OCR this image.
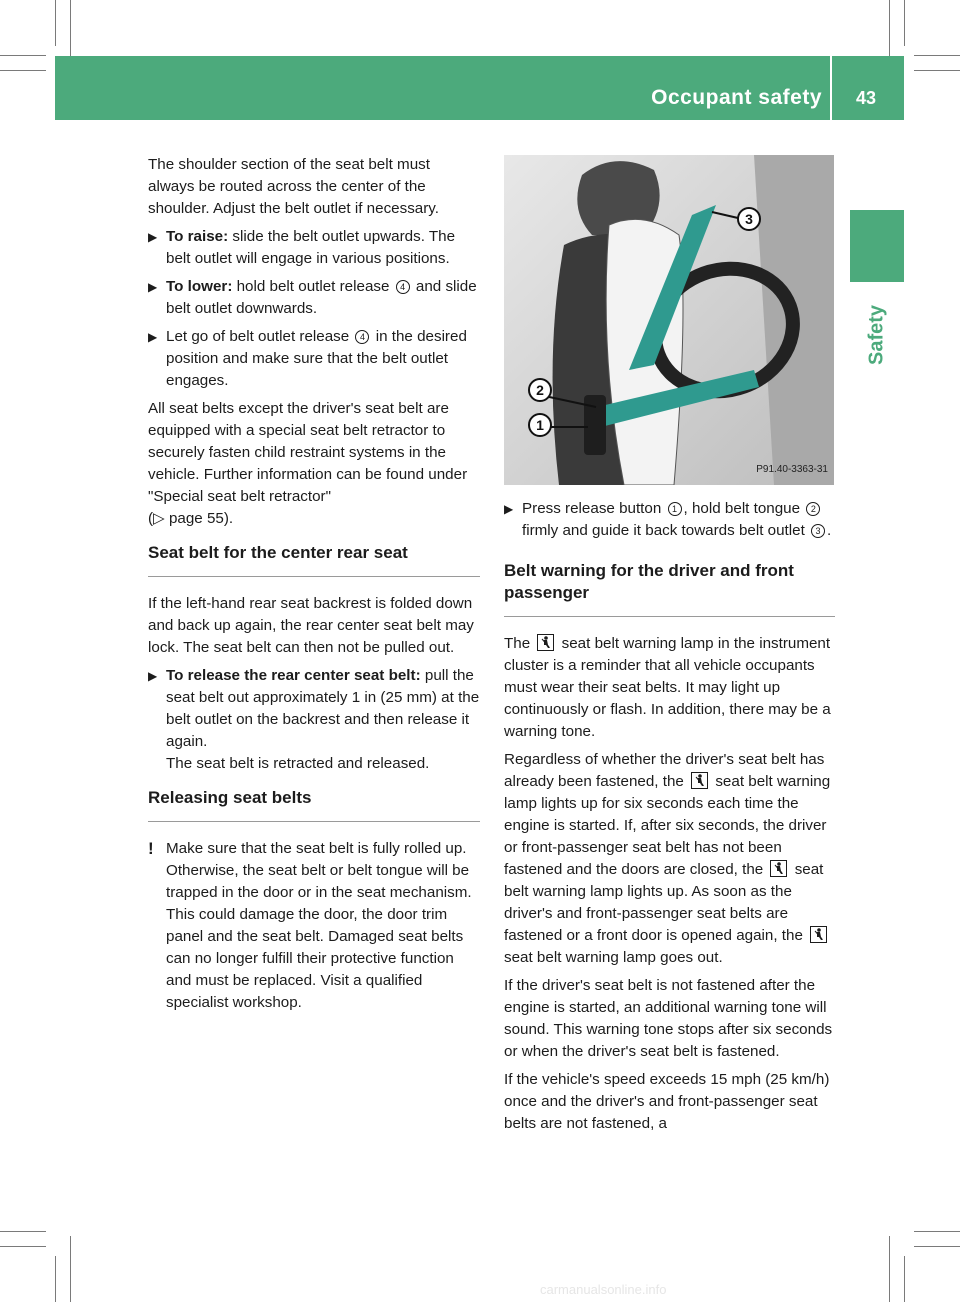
Occupant safety 43
Safety

The shoulder section of the seat belt must always be routed across the center of the shoulder. Adjust the belt outlet if necessary.

▶ To raise: slide the belt outlet upwards. The belt outlet will engage in various positions.
▶ To lower: hold belt outlet release 4 and slide belt outlet downwards.
▶ Let go of belt outlet release 4 in the desired position and make sure that the belt outlet engages.

All seat belts except the driver's seat belt are equipped with a special seat belt retractor to securely fasten child restraint systems in the vehicle. Further information can be found under "Special seat belt retractor"
(▷ page 55).

Seat belt for the center rear seat

If the left-hand rear seat backrest is folded down and back up again, the rear center seat belt may lock. The seat belt can then not be pulled out.

▶ To release the rear center seat belt: pull the seat belt out approximately 1 in (25 mm) at the belt outlet on the backrest and then release it again.
The seat belt is retracted and released.
Releasing seat belts
! Make sure that the seat belt is fully rolled up. Otherwise, the seat belt or belt tongue will be trapped in the door or in the seat mechanism. This could damage the door, the door trim panel and the seat belt. Damaged seat belts can no longer fulfill their protective function and must be replaced. Visit a qualified specialist workshop.
2
1
3
P91.40-3363-31
▶ Press release button 1 , hold belt tongue 2 firmly and guide it back towards belt outlet 3 .
Belt warning for the driver and front passenger

The seat belt warning lamp in the instrument cluster is a reminder that all vehicle occupants must wear their seat belts. It may light up continuously or flash. In addition, there may be a warning tone.

Regardless of whether the driver's seat belt has already been fastened, the seat belt warning lamp lights up for six seconds each time the engine is started. If, after six seconds, the driver or front-passenger seat belt has not been fastened and the doors are closed, the seat belt warning lamp lights up. As soon as the driver's and front-passenger seat belts are fastened or a front door is opened again, the  seat belt warning lamp goes out.

If the driver's seat belt is not fastened after the engine is started, an additional warning tone will sound. This warning tone stops after six seconds or when the driver's seat belt is fastened.

If the vehicle's speed exceeds 15 mph (25 km/h) once and the driver's and front-passenger seat belts are not fastened, a

carmanualsonline.info
